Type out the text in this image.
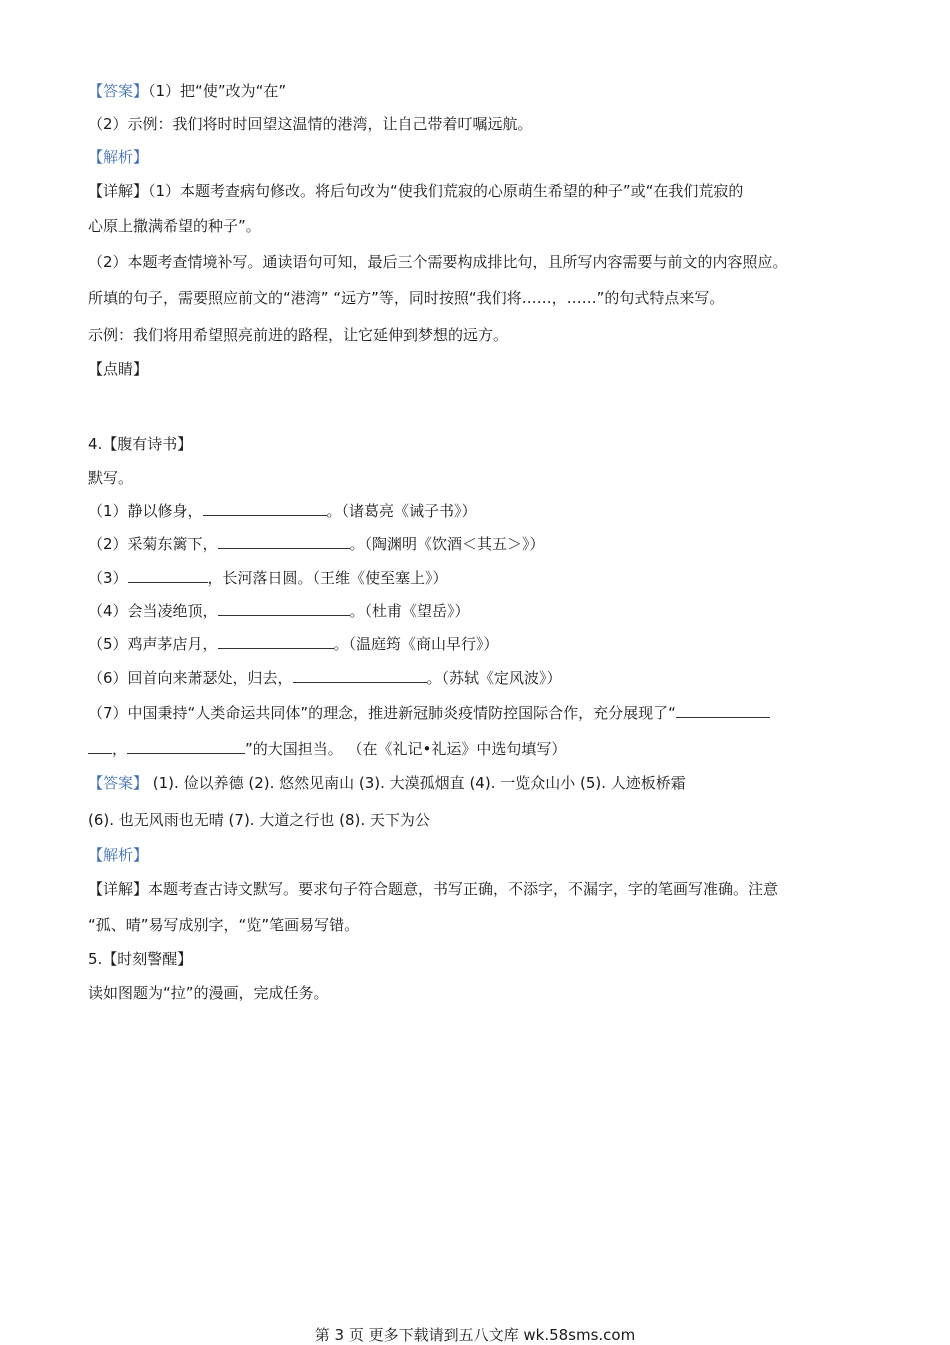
【答案】（1）把“使”改为“在”
（2）示例：我们将时时回望这温情的港湾，让自己带着叮嘱远航。
【解析】
【详解】（1）本题考查病句修改。将后句改为“使我们荒寂的心原萌生希望的种子”或“在我们荒寂的
心原上撒满希望的种子”。
（2）本题考查情境补写。通读语句可知，最后三个需要构成排比句，且所写内容需要与前文的内容照应。
所填的句子，需要照应前文的“港湾” “远方”等，同时按照“我们将……，……”的句式特点来写。
示例：我们将用希望照亮前进的路程，让它延伸到梦想的远方。
【点睛】
4.【腹有诗书】
默写。
（1）静以修身，	。（诸葛亮《诫子书》）
（2）采菊东篱下，	。（陶渊明《饮酒＜其五＞》）
（3）	，长河落日圆。（王维《使至塞上》）
（4）会当凌绝顶，	。（杜甫《望岳》）
（5）鸡声茅店月，	。（温庭筠《商山早行》）
（6）回首向来萧瑟处，归去，	。（苏轼《定风波》）
（7）中国秉持“人类命运共同体”的理念，推进新冠肺炎疫情防控国际合作，充分展现了“
，	”的大国担当。 （在《礼记•礼运》中选句填写）
【答案】 (1). 俭以养德 (2). 悠然见南山 (3). 大漠孤烟直 (4). 一览众山小 (5). 人迹板桥霜
(6). 也无风雨也无晴 (7). 大道之行也 (8). 天下为公
【解析】
【详解】本题考查古诗文默写。要求句子符合题意，书写正确，不添字，不漏字，字的笔画写准确。注意
“孤、晴”易写成别字，“览”笔画易写错。
5.【时刻警醒】
读如图题为“拉”的漫画，完成任务。
第 3 页 更多下载请到五八文库 wk.58sms.com
